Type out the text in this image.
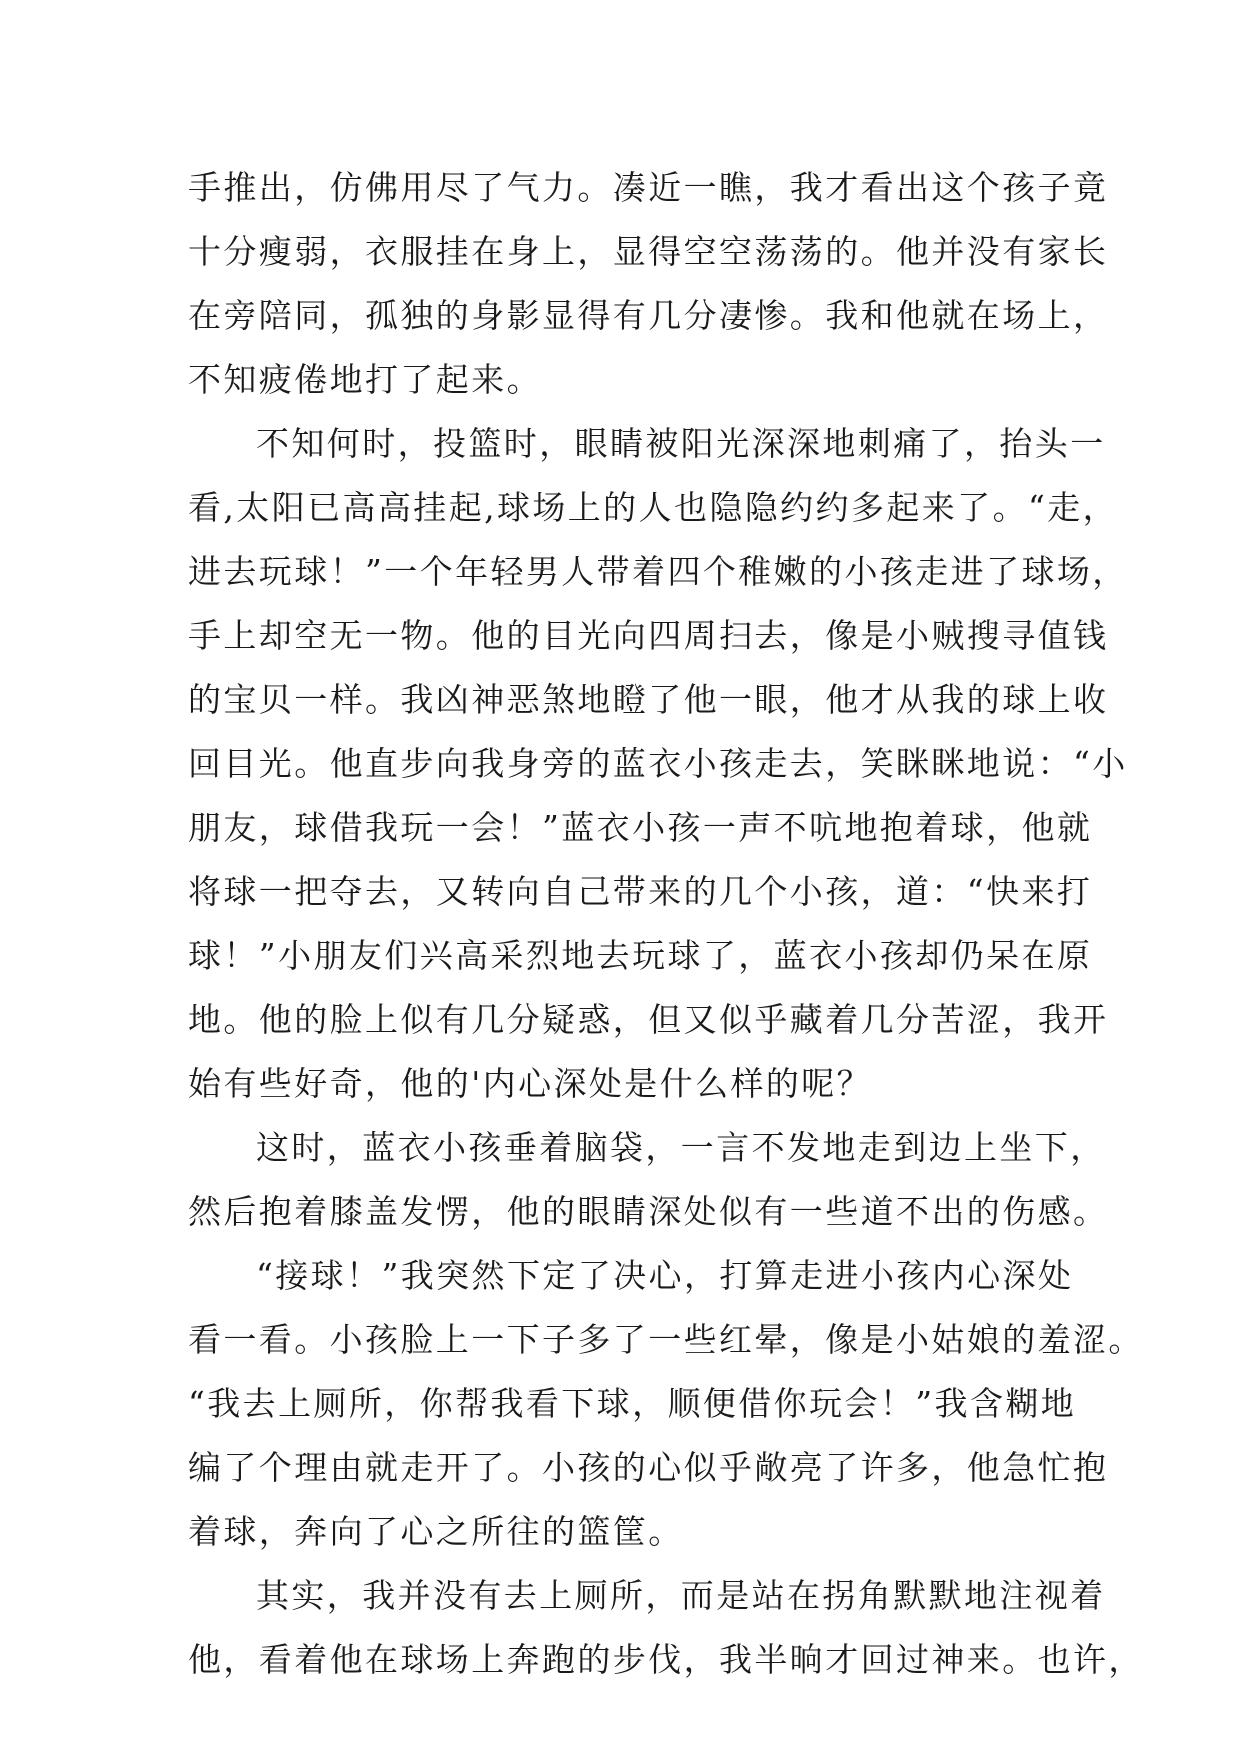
手推出，仿佛用尽了气力。凑近一瞧，我才看出这个孩子竟
十分瘦弱，衣服挂在身上，显得空空荡荡的。他并没有家长
在旁陪同，孤独的身影显得有几分凄惨。我和他就在场上，
不知疲倦地打了起来。
不知何时，投篮时，眼睛被阳光深深地刺痛了，抬头一
看,太阳已高高挂起,球场上的人也隐隐约约多起来了。“走，
进去玩球！”一个年轻男人带着四个稚嫩的小孩走进了球场，
手上却空无一物。他的目光向四周扫去，像是小贼搜寻值钱
的宝贝一样。我凶神恶煞地瞪了他一眼，他才从我的球上收
回目光。他直步向我身旁的蓝衣小孩走去，笑眯眯地说：“小
朋友，球借我玩一会！”蓝衣小孩一声不吭地抱着球，他就
将球一把夺去，又转向自己带来的几个小孩，道：“快来打
球！”小朋友们兴高采烈地去玩球了，蓝衣小孩却仍呆在原
地。他的脸上似有几分疑惑，但又似乎藏着几分苦涩，我开
始有些好奇，他的'内心深处是什么样的呢？
这时，蓝衣小孩垂着脑袋，一言不发地走到边上坐下，
然后抱着膝盖发愣，他的眼睛深处似有一些道不出的伤感。
“接球！”我突然下定了决心，打算走进小孩内心深处
看一看。小孩脸上一下子多了一些红晕，像是小姑娘的羞涩。
“我去上厕所，你帮我看下球，顺便借你玩会！”我含糊地
编了个理由就走开了。小孩的心似乎敞亮了许多，他急忙抱
着球，奔向了心之所往的篮筐。
其实，我并没有去上厕所，而是站在拐角默默地注视着
他，看着他在球场上奔跑的步伐，我半晌才回过神来。也许，
